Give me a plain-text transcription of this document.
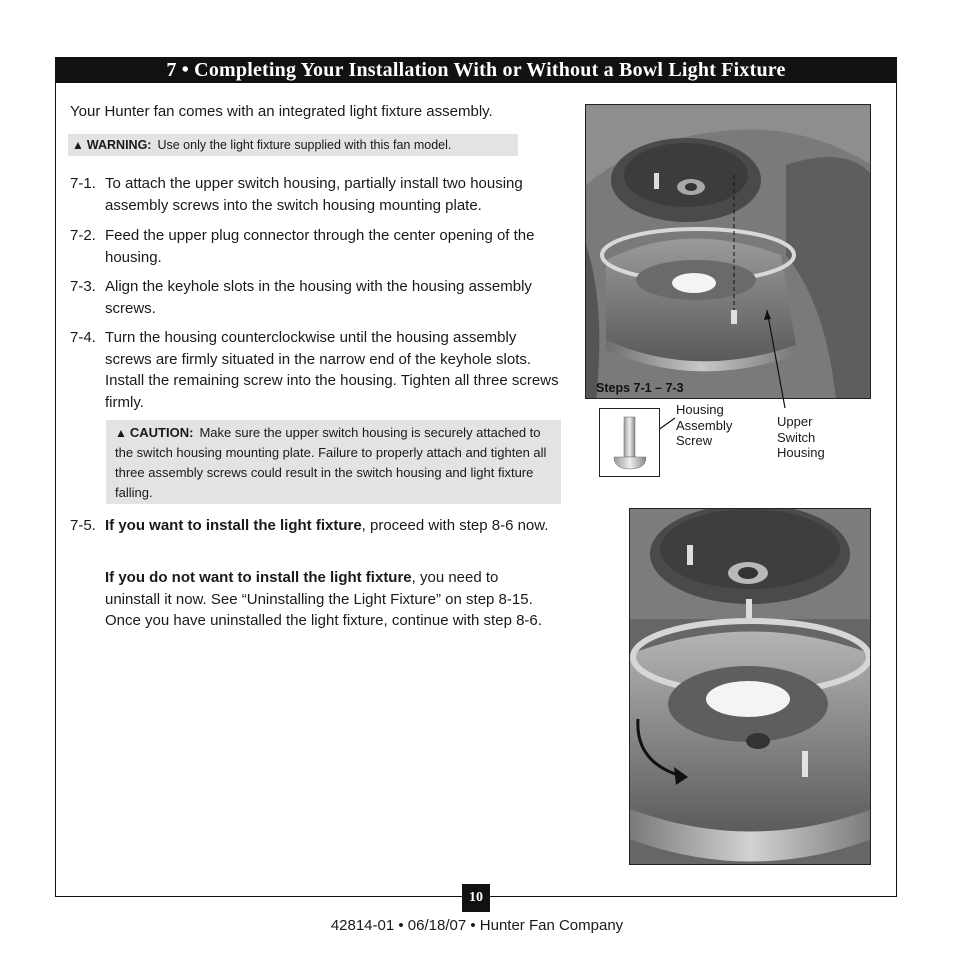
7 • Completing Your Installation With or Without a Bowl Light Fixture
Your Hunter fan comes with an integrated light fixture assembly.
▲ WARNING: Use only the light fixture supplied with this fan model.
7-1. To attach the upper switch housing, partially install two housing assembly screws into the switch housing mounting plate.
7-2. Feed the upper plug connector through the center opening of the housing.
7-3. Align the keyhole slots in the housing with the housing assembly screws.
7-4. Turn the housing counterclockwise until the housing assembly screws are firmly situated in the narrow end of the keyhole slots. Install the remaining screw into the housing. Tighten all three screws firmly.
▲ CAUTION: Make sure the upper switch housing is securely attached to the switch housing mounting plate. Failure to properly attach and tighten all three assembly screws could result in the switch housing and light fixture falling.
7-5. If you want to install the light fixture, proceed with step 8-6 now.
If you do not want to install the light fixture, you need to uninstall it now. See “Uninstalling the Light Fixture” on step 8-15. Once you have uninstalled the light fixture, continue with step 8-6.
Steps 7-1 – 7-3
Housing Assembly Screw
Upper Switch Housing
10
42814-01 • 06/18/07 • Hunter Fan Company
